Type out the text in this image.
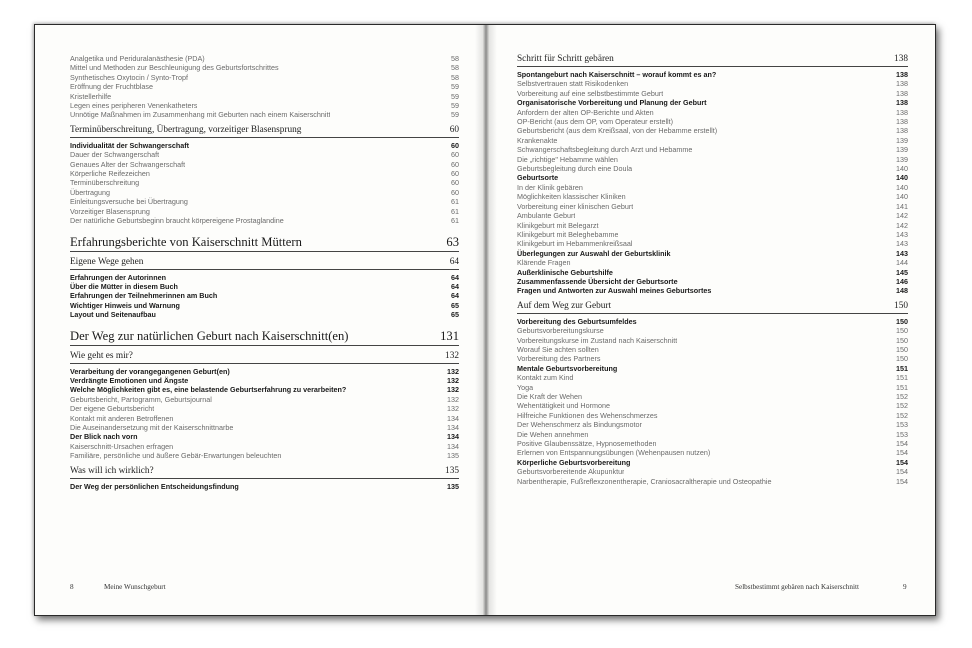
Analgetika und Periduralanästhesie (PDA)	58
Mittel und Methoden zur Beschleunigung des Geburtsfortschrittes	58
Synthetisches Oxytocin / Synto-Tropf	58
Eröffnung der Fruchtblase	59
Kristellerhilfe	59
Legen eines peripheren Venenkatheters	59
Unnötige Maßnahmen im Zusammenhang mit Geburten nach einem Kaiserschnitt	59
Terminüberschreitung, Übertragung, vorzeitiger Blasensprung	60
Individualität der Schwangerschaft	60
Dauer der Schwangerschaft	60
Genaues Alter der Schwangerschaft	60
Körperliche Reifezeichen	60
Terminüberschreitung	60
Übertragung	60
Einleitungsversuche bei Übertragung	61
Vorzeitiger Blasensprung	61
Der natürliche Geburtsbeginn braucht körpereigene Prostaglandine	61
Erfahrungsberichte von Kaiserschnitt Müttern	63
Eigene Wege gehen	64
Erfahrungen der Autorinnen	64
Über die Mütter in diesem Buch	64
Erfahrungen der Teilnehmerinnen am Buch	64
Wichtiger Hinweis und Warnung	65
Layout und Seitenaufbau	65
Der Weg zur natürlichen Geburt nach Kaiserschnitt(en)	131
Wie geht es mir?	132
Verarbeitung der vorangegangenen Geburt(en)	132
Verdrängte Emotionen und Ängste	132
Welche Möglichkeiten gibt es, eine belastende Geburtserfahrung zu verarbeiten?	132
Geburtsbericht, Partogramm, Geburtsjournal	132
Der eigene Geburtsbericht	132
Kontakt mit anderen Betroffenen	134
Die Auseinandersetzung mit der Kaiserschnittnarbe	134
Der Blick nach vorn	134
Kaiserschnitt-Ursachen erfragen	134
Familiäre, persönliche und äußere Gebär-Erwartungen beleuchten	135
Was will ich wirklich?	135
Der Weg der persönlichen Entscheidungsfindung	135
8	Meine Wunschgeburt
Schritt für Schritt gebären	138
Spontangeburt nach Kaiserschnitt – worauf kommt es an?	138
Selbstvertrauen statt Risikodenken	138
Vorbereitung auf eine selbstbestimmte Geburt	138
Organisatorische Vorbereitung und Planung der Geburt	138
Anfordern der alten OP-Berichte und Akten	138
OP-Bericht (aus dem OP, vom Operateur erstellt)	138
Geburtsbericht (aus dem Kreißsaal, von der Hebamme erstellt)	138
Krankenakte	139
Schwangerschaftsbegleitung durch Arzt und Hebamme	139
Die „richtige" Hebamme wählen	139
Geburtsbegleitung durch eine Doula	140
Geburtsorte	140
In der Klinik gebären	140
Möglichkeiten klassischer Kliniken	140
Vorbereitung einer klinischen Geburt	141
Ambulante Geburt	142
Klinikgeburt mit Belegarzt	142
Klinikgeburt mit Beleghebamme	143
Klinikgeburt im Hebammenkreißsaal	143
Überlegungen zur Auswahl der Geburtsklinik	143
Klärende Fragen	144
Außerklinische Geburtshilfe	145
Zusammenfassende Übersicht der Geburtsorte	146
Fragen und Antworten zur Auswahl meines Geburtsortes	148
Auf dem Weg zur Geburt	150
Vorbereitung des Geburtsumfeldes	150
Geburtsvorbereitungskurse	150
Vorbereitungskurse im Zustand nach Kaiserschnitt	150
Worauf Sie achten sollten	150
Vorbereitung des Partners	150
Mentale Geburtsvorbereitung	151
Kontakt zum Kind	151
Yoga	151
Die Kraft der Wehen	152
Wehentätigkeit und Hormone	152
Hilfreiche Funktionen des Wehenschmerzes	152
Der Wehenschmerz als Bindungsmotor	153
Die Wehen annehmen	153
Positive Glaubenssätze, Hypnosemethoden	154
Erlernen von Entspannungsübungen (Wehenpausen nutzen)	154
Körperliche Geburtsvorbereitung	154
Geburtsvorbereitende Akupunktur	154
Narbentherapie, Fußreflexzonentherapie, Craniosacraltherapie und Osteopathie	154
Selbstbestimmt gebären nach Kaiserschnitt	9
